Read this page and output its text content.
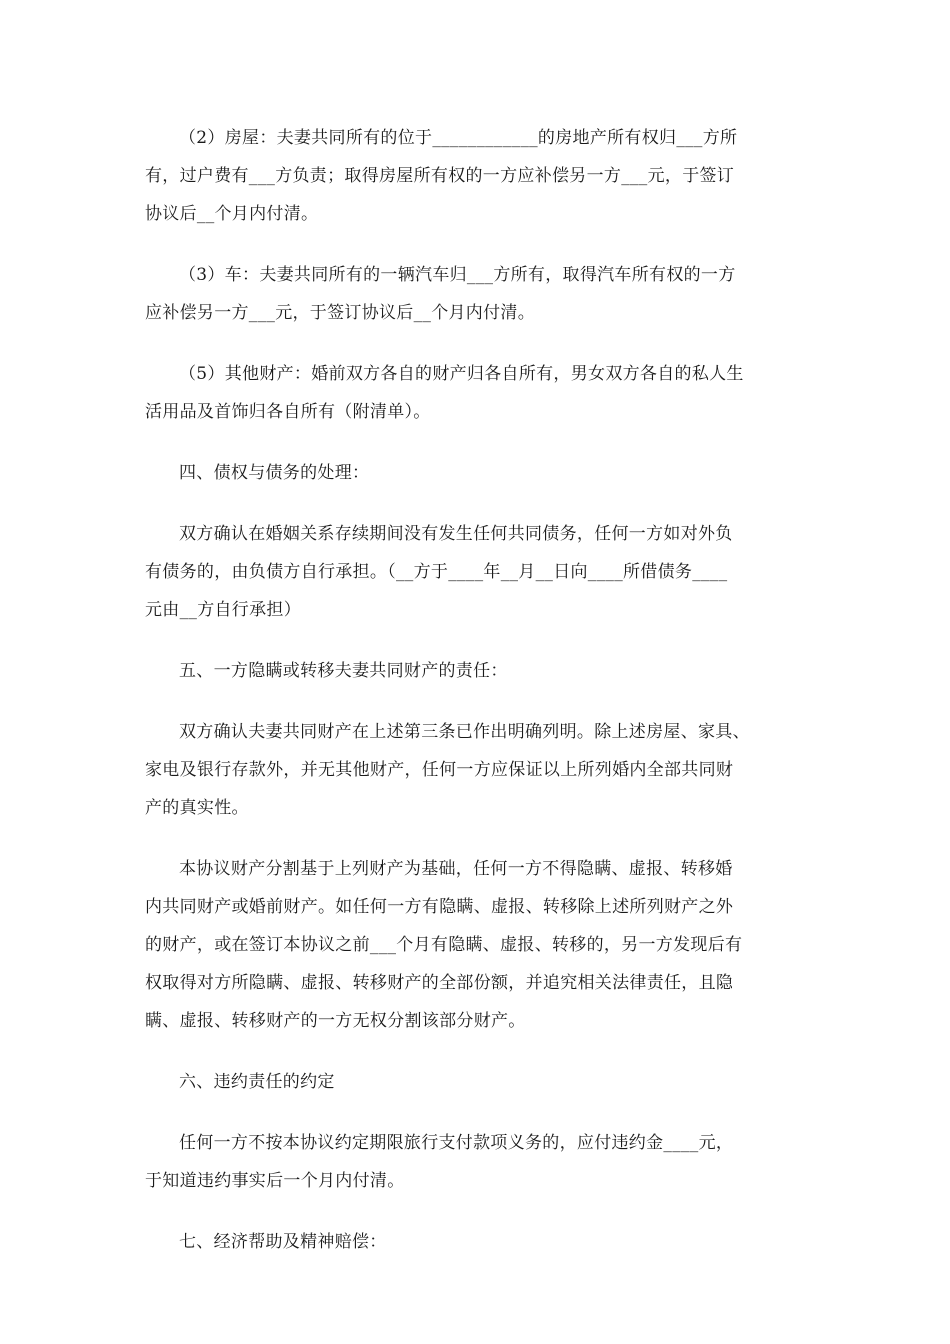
（2）房屋：夫妻共同所有的位于____________的房地产所有权归___方所
有，过户费有___方负责；取得房屋所有权的一方应补偿另一方___元，于签订
协议后__个月内付清。

（3）车：夫妻共同所有的一辆汽车归___方所有，取得汽车所有权的一方
应补偿另一方___元，于签订协议后__个月内付清。

（5）其他财产：婚前双方各自的财产归各自所有，男女双方各自的私人生
活用品及首饰归各自所有（附清单）。

四、债权与债务的处理：

双方确认在婚姻关系存续期间没有发生任何共同债务，任何一方如对外负
有债务的，由负债方自行承担。（__方于____年__月__日向____所借债务____
元由__方自行承担）

五、一方隐瞒或转移夫妻共同财产的责任：

双方确认夫妻共同财产在上述第三条已作出明确列明。除上述房屋、家具、
家电及银行存款外，并无其他财产，任何一方应保证以上所列婚内全部共同财
产的真实性。

本协议财产分割基于上列财产为基础，任何一方不得隐瞒、虚报、转移婚
内共同财产或婚前财产。如任何一方有隐瞒、虚报、转移除上述所列财产之外
的财产，或在签订本协议之前___个月有隐瞒、虚报、转移的，另一方发现后有
权取得对方所隐瞒、虚报、转移财产的全部份额，并追究相关法律责任，且隐
瞒、虚报、转移财产的一方无权分割该部分财产。

六、违约责任的约定

任何一方不按本协议约定期限旅行支付款项义务的，应付违约金____元，
于知道违约事实后一个月内付清。

七、经济帮助及精神赔偿：
